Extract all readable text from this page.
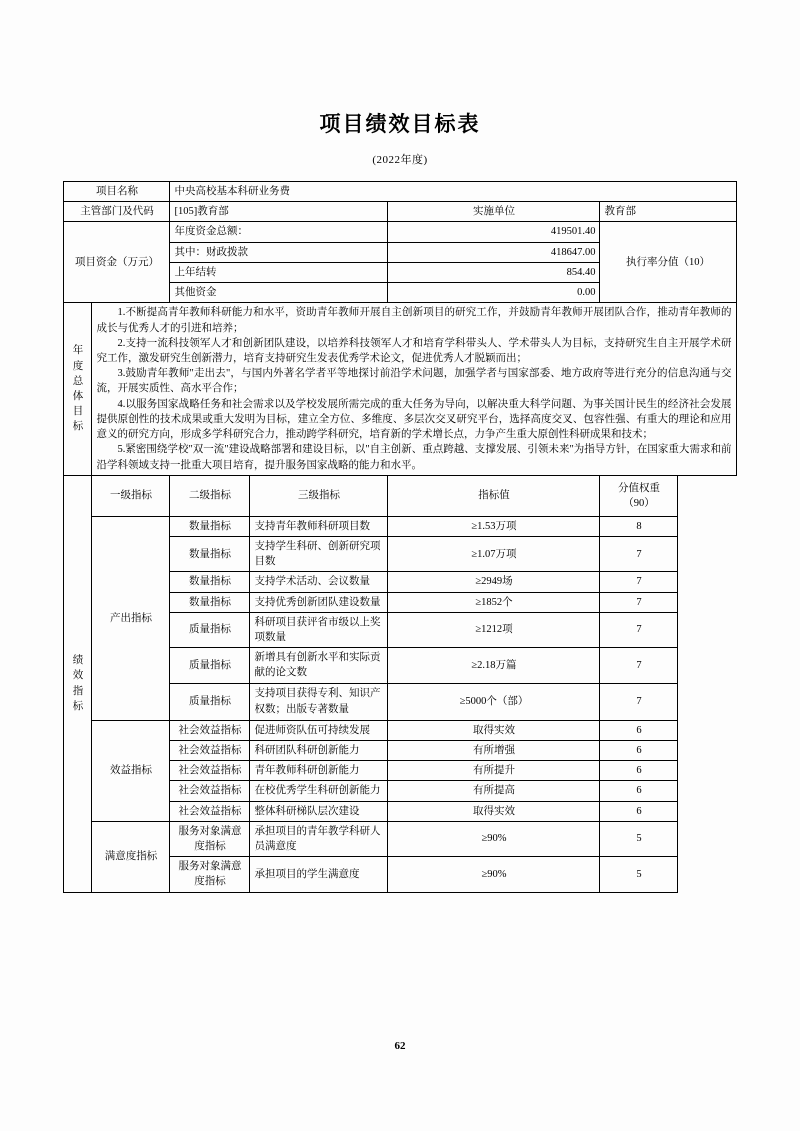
项目绩效目标表
(2022年度)
项目名称		中央高校基本科研业务费			
主管部门及代码		[105]教育部		实施单位	教育部
项目资金（万元）		年度资金总额：		419501.40	执行率分值（10）
		其中：财政拨款		418647.00	
		上年结转		854.40	
		其他资金		0.00	
年
度
总
体
目
标	

1.不断提高青年教师科研能力和水平，资助青年教师开展自主创新项目的研究工作，并鼓励青年教师开展团队合作，推动青年教师的成长与优秀人才的引进和培养；

2.支持一流科技领军人才和创新团队建设，以培养科技领军人才和培育学科带头人、学术带头人为目标，支持研究生自主开展学术研究工作，激发研究生创新潜力，培育支持研究生发表优秀学术论文，促进优秀人才脱颖而出；

3.鼓励青年教师"走出去"，与国内外著名学者平等地探讨前沿学术问题，加强学者与国家部委、地方政府等进行充分的信息沟通与交流，开展实质性、高水平合作；

4.以服务国家战略任务和社会需求以及学校发展所需完成的重大任务为导向，以解决重大科学问题、为事关国计民生的经济社会发展提供原创性的技术成果或重大发明为目标，建立全方位、多维度、多层次交叉研究平台，选择高度交叉、包容性强、有重大的理论和应用意义的研究方向，形成多学科研究合力，推动跨学科研究，培育新的学术增长点，力争产生重大原创性科研成果和技术；

5.紧密围绕学校"双一流"建设战略部署和建设目标，以"自主创新、重点跨越、支撑发展、引领未来"为指导方针，在国家重大需求和前沿学科领域支持一批重大项目培育，提升服务国家战略的能力和水平。

绩
效
指
标	一级指标	二级指标	三级指标	指标值	分值权重
（90）
	产出指标	数量指标	支持青年教师科研项目数	≥1.53万项	8
		数量指标	支持学生科研、创新研究项目数	≥1.07万项	7
		数量指标	支持学术活动、会议数量	≥2949场	7
		数量指标	支持优秀创新团队建设数量	≥1852个	7
		质量指标	科研项目获评省市级以上奖项数量	≥1212项	7
		质量指标	新增具有创新水平和实际贡献的论文数	≥2.18万篇	7
		质量指标	支持项目获得专利、知识产权数；出版专著数量	≥5000个（部）	7
	效益指标	社会效益指标	促进师资队伍可持续发展	取得实效	6
		社会效益指标	科研团队科研创新能力	有所增强	6
		社会效益指标	青年教师科研创新能力	有所提升	6
		社会效益指标	在校优秀学生科研创新能力	有所提高	6
		社会效益指标	整体科研梯队层次建设	取得实效	6
	满意度指标	服务对象满意度指标	承担项目的青年教学科研人员满意度	≥90%	5
		服务对象满意度指标	承担项目的学生满意度	≥90%	5
62
